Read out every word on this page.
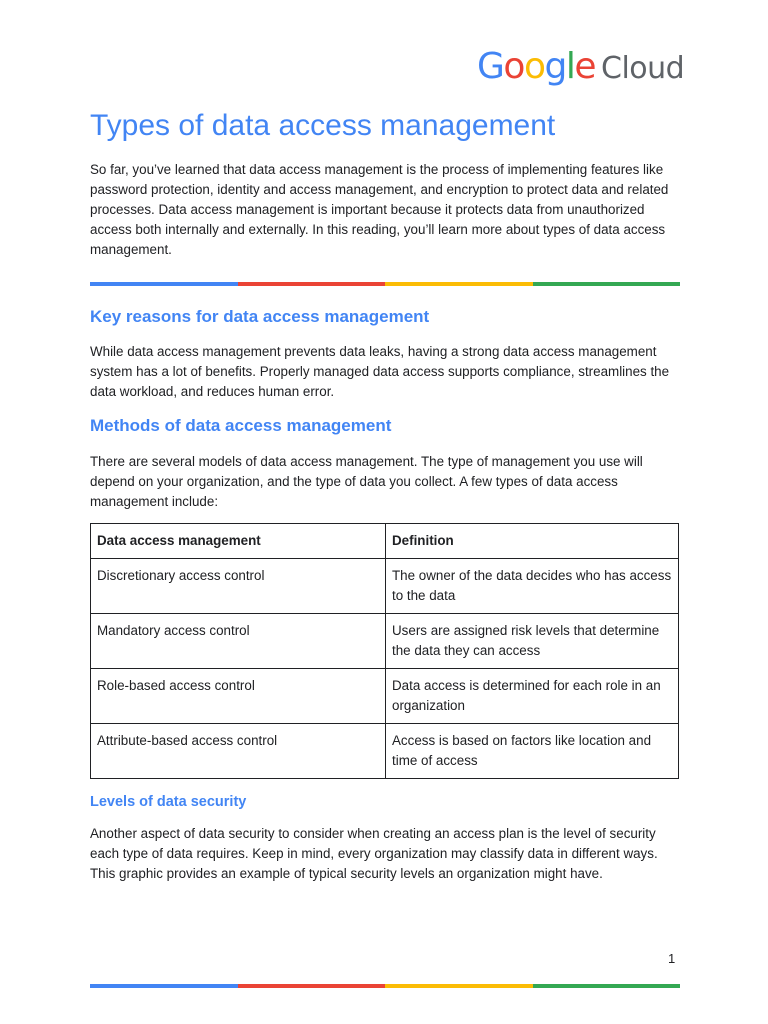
Google Cloud
Types of data access management

So far, you’ve learned that data access management is the process of implementing features like password protection, identity and access management, and encryption to protect data and related processes. Data access management is important because it protects data from unauthorized access both internally and externally. In this reading, you’ll learn more about types of data access management.

Key reasons for data access management

While data access management prevents data leaks, having a strong data access management system has a lot of benefits. Properly managed data access supports compliance, streamlines the data workload, and reduces human error.

Methods of data access management

There are several models of data access management. The type of management you use will depend on your organization, and the type of data you collect. A few types of data access management include:

Data access management	Definition
Discretionary access control	The owner of the data decides who has access to the data
Mandatory access control	Users are assigned risk levels that determine the data they can access
Role-based access control	Data access is determined for each role in an organization
Attribute-based access control	Access is based on factors like location and time of access
Levels of data security

Another aspect of data security to consider when creating an access plan is the level of security each type of data requires. Keep in mind, every organization may classify data in different ways. This graphic provides an example of typical security levels an organization might have.

1
